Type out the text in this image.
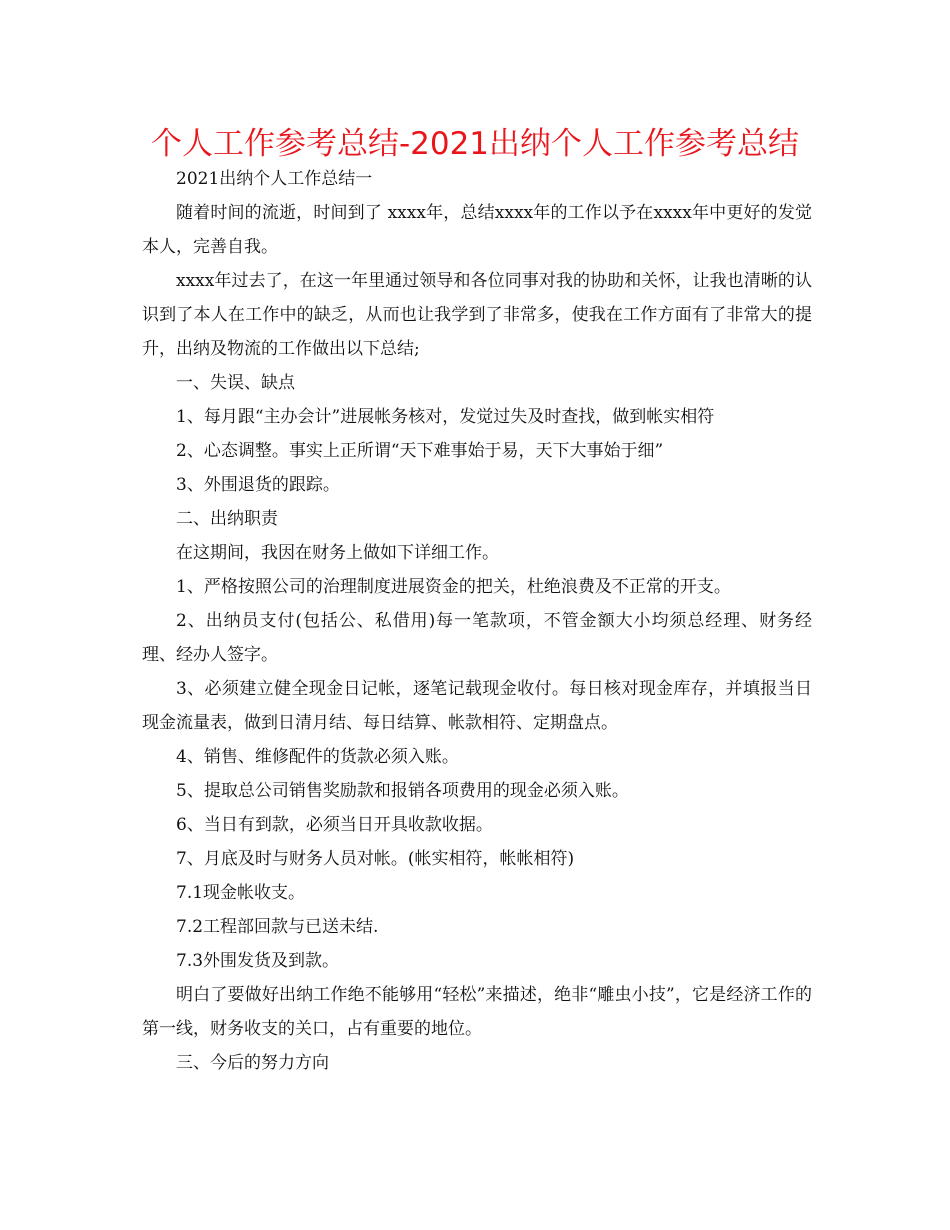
个人工作参考总结-2021出纳个人工作参考总结

2021出纳个人工作总结一

随着时间的流逝，时间到了 xxxx年，总结xxxx年的工作以予在xxxx年中更好的发觉本人，完善自我。

xxxx年过去了，在这一年里通过领导和各位同事对我的协助和关怀，让我也清晰的认识到了本人在工作中的缺乏，从而也让我学到了非常多，使我在工作方面有了非常大的提升，出纳及物流的工作做出以下总结;

一、失误、缺点

1、每月跟“主办会计”进展帐务核对，发觉过失及时查找，做到帐实相符

2、心态调整。事实上正所谓“天下难事始于易，天下大事始于细”

3、外围退货的跟踪。

二、出纳职责

在这期间，我因在财务上做如下详细工作。

1、严格按照公司的治理制度进展资金的把关，杜绝浪费及不正常的开支。

2、出纳员支付(包括公、私借用)每一笔款项，不管金额大小均须总经理、财务经理、经办人签字。

3、必须建立健全现金日记帐，逐笔记载现金收付。每日核对现金库存，并填报当日现金流量表，做到日清月结、每日结算、帐款相符、定期盘点。

4、销售、维修配件的货款必须入账。

5、提取总公司销售奖励款和报销各项费用的现金必须入账。

6、当日有到款，必须当日开具收款收据。

7、月底及时与财务人员对帐。(帐实相符，帐帐相符)

7.1现金帐收支。

7.2工程部回款与已送未结.

7.3外围发货及到款。

明白了要做好出纳工作绝不能够用“轻松”来描述，绝非“雕虫小技”，它是经济工作的第一线，财务收支的关口，占有重要的地位。

三、今后的努力方向
